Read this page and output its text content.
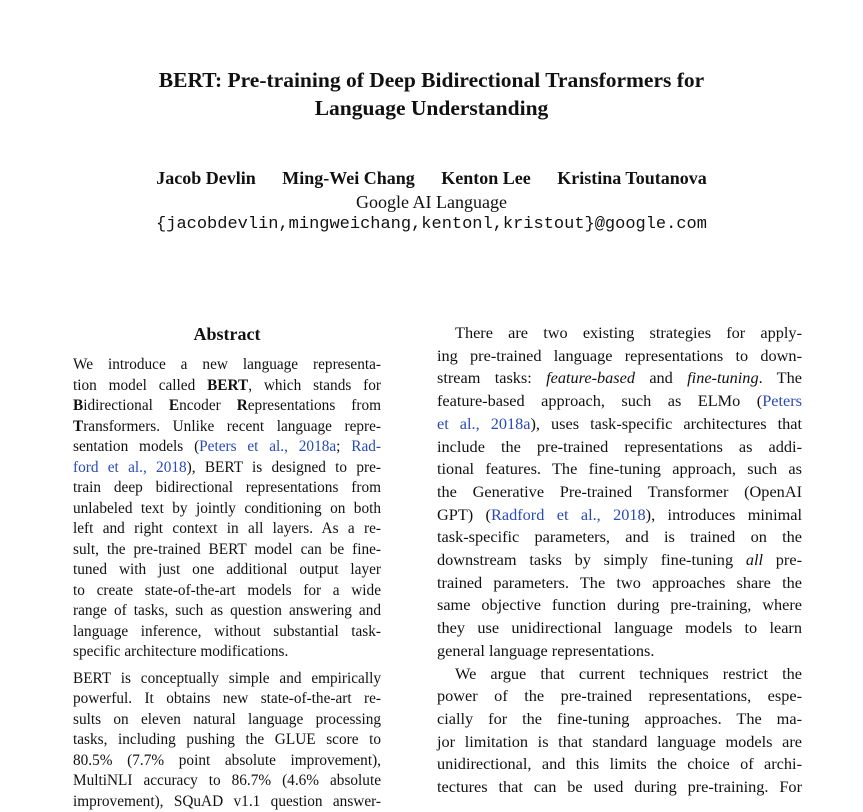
BERT: Pre-training of Deep Bidirectional Transformers for
Language Understanding
Jacob Devlin Ming-Wei Chang Kenton Lee Kristina Toutanova
Google AI Language
{jacobdevlin,mingweichang,kentonl,kristout}@google.com
Abstract

We introduce a new language representa-
tion model called BERT, which stands for
Bidirectional Encoder Representations from
Transformers. Unlike recent language repre-
sentation models (Peters et al., 2018a; Rad-
ford et al., 2018), BERT is designed to pre-
train deep bidirectional representations from
unlabeled text by jointly conditioning on both
left and right context in all layers. As a re-
sult, the pre-trained BERT model can be fine-
tuned with just one additional output layer
to create state-of-the-art models for a wide
range of tasks, such as question answering and
language inference, without substantial task-
specific architecture modifications.

BERT is conceptually simple and empirically
powerful. It obtains new state-of-the-art re-
sults on eleven natural language processing
tasks, including pushing the GLUE score to
80.5% (7.7% point absolute improvement),
MultiNLI accuracy to 86.7% (4.6% absolute
improvement), SQuAD v1.1 question answer-

There are two existing strategies for apply-
ing pre-trained language representations to down-
stream tasks: feature-based and fine-tuning. The
feature-based approach, such as ELMo (Peters
et al., 2018a), uses task-specific architectures that
include the pre-trained representations as addi-
tional features. The fine-tuning approach, such as
the Generative Pre-trained Transformer (OpenAI
GPT) (Radford et al., 2018), introduces minimal
task-specific parameters, and is trained on the
downstream tasks by simply fine-tuning all pre-
trained parameters. The two approaches share the
same objective function during pre-training, where
they use unidirectional language models to learn
general language representations.

We argue that current techniques restrict the
power of the pre-trained representations, espe-
cially for the fine-tuning approaches. The ma-
jor limitation is that standard language models are
unidirectional, and this limits the choice of archi-
tectures that can be used during pre-training. For
